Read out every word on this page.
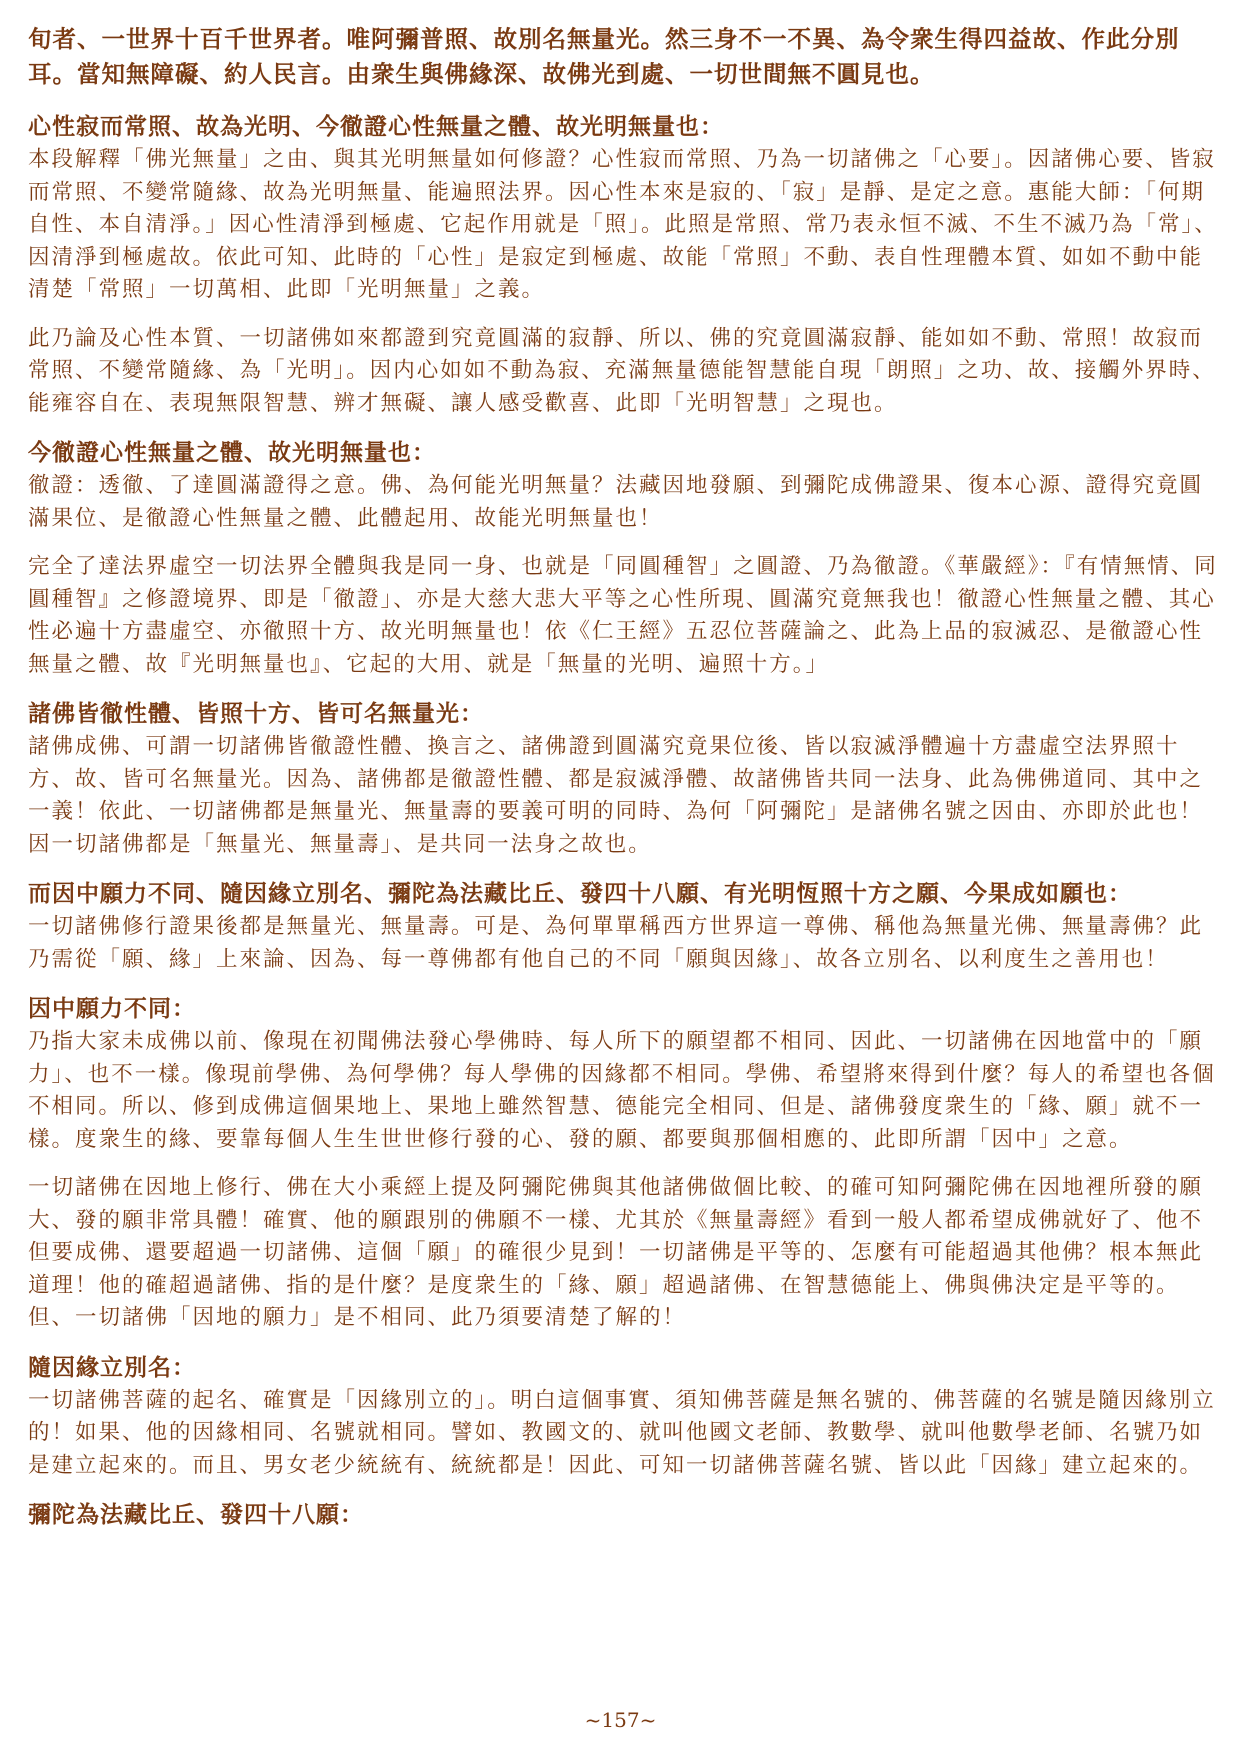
旬者、一世界十百千世界者。唯阿彌普照、故別名無量光。然三身不一不異、為令衆生得四益故、作此分別耳。當知無障礙、約人民言。由衆生與佛緣深、故佛光到處、一切世間無不圓見也。

心性寂而常照、故為光明、今徹證心性無量之體、故光明無量也：

本段解釋「佛光無量」之由、與其光明無量如何修證？心性寂而常照、乃為一切諸佛之「心要」。因諸佛心要、皆寂而常照、不變常隨緣、故為光明無量、能遍照法界。因心性本來是寂的、「寂」是靜、是定之意。惠能大師：「何期自性、本自清淨。」因心性清淨到極處、它起作用就是「照」。此照是常照、常乃表永恒不滅、不生不滅乃為「常」、因清淨到極處故。依此可知、此時的「心性」是寂定到極處、故能「常照」不動、表自性理體本質、如如不動中能清楚「常照」一切萬相、此即「光明無量」之義。

此乃論及心性本質、一切諸佛如來都證到究竟圓滿的寂靜、所以、佛的究竟圓滿寂靜、能如如不動、常照！故寂而常照、不變常隨緣、為「光明」。因内心如如不動為寂、充滿無量德能智慧能自現「朗照」之功、故、接觸外界時、能雍容自在、表現無限智慧、辨才無礙、讓人感受歡喜、此即「光明智慧」之現也。

今徹證心性無量之體、故光明無量也：

徹證：透徹、了達圓滿證得之意。佛、為何能光明無量？法藏因地發願、到彌陀成佛證果、復本心源、證得究竟圓滿果位、是徹證心性無量之體、此體起用、故能光明無量也！

完全了達法界虛空一切法界全體與我是同一身、也就是「同圓種智」之圓證、乃為徹證。《華嚴經》：『有情無情、同圓種智』之修證境界、即是「徹證」、亦是大慈大悲大平等之心性所現、圓滿究竟無我也！徹證心性無量之體、其心性必遍十方盡虛空、亦徹照十方、故光明無量也！依《仁王經》五忍位菩薩論之、此為上品的寂滅忍、是徹證心性無量之體、故『光明無量也』、它起的大用、就是「無量的光明、遍照十方。」

諸佛皆徹性體、皆照十方、皆可名無量光：

諸佛成佛、可謂一切諸佛皆徹證性體、換言之、諸佛證到圓滿究竟果位後、皆以寂滅淨體遍十方盡虛空法界照十方、故、皆可名無量光。因為、諸佛都是徹證性體、都是寂滅淨體、故諸佛皆共同一法身、此為佛佛道同、其中之一義！依此、一切諸佛都是無量光、無量壽的要義可明的同時、為何「阿彌陀」是諸佛名號之因由、亦即於此也！因一切諸佛都是「無量光、無量壽」、是共同一法身之故也。

而因中願力不同、隨因緣立別名、彌陀為法藏比丘、發四十八願、有光明恆照十方之願、今果成如願也：

一切諸佛修行證果後都是無量光、無量壽。可是、為何單單稱西方世界這一尊佛、稱他為無量光佛、無量壽佛？此乃需從「願、緣」上來論、因為、每一尊佛都有他自己的不同「願與因緣」、故各立別名、以利度生之善用也！

因中願力不同：

乃指大家未成佛以前、像現在初聞佛法發心學佛時、每人所下的願望都不相同、因此、一切諸佛在因地當中的「願力」、也不一樣。像現前學佛、為何學佛？每人學佛的因緣都不相同。學佛、希望將來得到什麼？每人的希望也各個不相同。所以、修到成佛這個果地上、果地上雖然智慧、德能完全相同、但是、諸佛發度衆生的「緣、願」就不一樣。度衆生的緣、要靠每個人生生世世修行發的心、發的願、都要與那個相應的、此即所謂「因中」之意。

一切諸佛在因地上修行、佛在大小乘經上提及阿彌陀佛與其他諸佛做個比較、的確可知阿彌陀佛在因地裡所發的願大、發的願非常具體！確實、他的願跟別的佛願不一樣、尤其於《無量壽經》看到一般人都希望成佛就好了、他不但要成佛、還要超過一切諸佛、這個「願」的確很少見到！一切諸佛是平等的、怎麼有可能超過其他佛？根本無此道理！他的確超過諸佛、指的是什麼？是度衆生的「緣、願」超過諸佛、在智慧德能上、佛與佛決定是平等的。但、一切諸佛「因地的願力」是不相同、此乃須要清楚了解的！

隨因緣立別名：

一切諸佛菩薩的起名、確實是「因緣別立的」。明白這個事實、須知佛菩薩是無名號的、佛菩薩的名號是隨因緣別立的！如果、他的因緣相同、名號就相同。譬如、教國文的、就叫他國文老師、教數學、就叫他數學老師、名號乃如是建立起來的。而且、男女老少統統有、統統都是！因此、可知一切諸佛菩薩名號、皆以此「因緣」建立起來的。

彌陀為法藏比丘、發四十八願：

~157~
